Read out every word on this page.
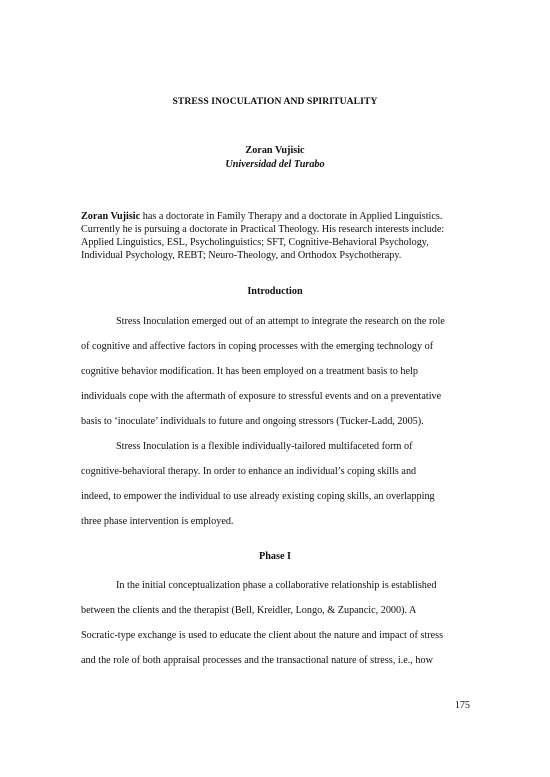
STRESS INOCULATION AND SPIRITUALITY
Zoran Vujisic
Universidad del Turabo
Zoran Vujisic has a doctorate in Family Therapy and a doctorate in Applied Linguistics.
Currently he is pursuing a doctorate in Practical Theology. His research interests include:
Applied Linguistics, ESL, Psycholinguistics; SFT, Cognitive-Behavioral Psychology,
Individual Psychology, REBT; Neuro-Theology, and Orthodox Psychotherapy.
Introduction
Stress Inoculation emerged out of an attempt to integrate the research on the role
of cognitive and affective factors in coping processes with the emerging technology of
cognitive behavior modification. It has been employed on a treatment basis to help
individuals cope with the aftermath of exposure to stressful events and on a preventative
basis to ‘inoculate’ individuals to future and ongoing stressors (Tucker-Ladd, 2005).
Stress Inoculation is a flexible individually-tailored multifaceted form of
cognitive-behavioral therapy. In order to enhance an individual’s coping skills and
indeed, to empower the individual to use already existing coping skills, an overlapping
three phase intervention is employed.
Phase I
In the initial conceptualization phase a collaborative relationship is established
between the clients and the therapist (Bell, Kreidler, Longo, & Zupancic, 2000). A
Socratic-type exchange is used to educate the client about the nature and impact of stress
and the role of both appraisal processes and the transactional nature of stress, i.e., how
175
